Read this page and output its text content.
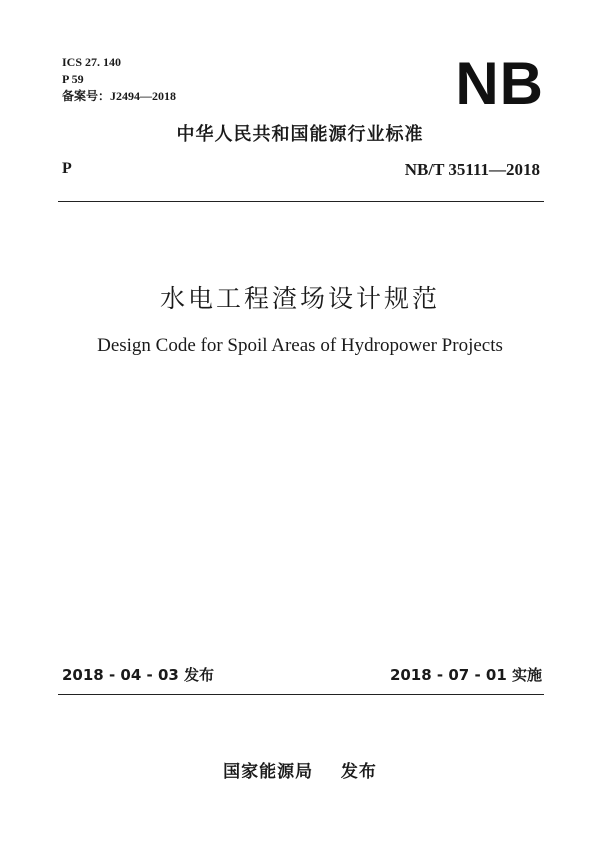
ICS 27. 140
P 59
备案号：J2494—2018	NB
中华人民共和国能源行业标准
P	NB/T 35111—2018
水电工程渣场设计规范
Design Code for Spoil Areas of Hydropower Projects
2018 - 04 - 03 发布	2018 - 07 - 01 实施
国家能源局    发布
